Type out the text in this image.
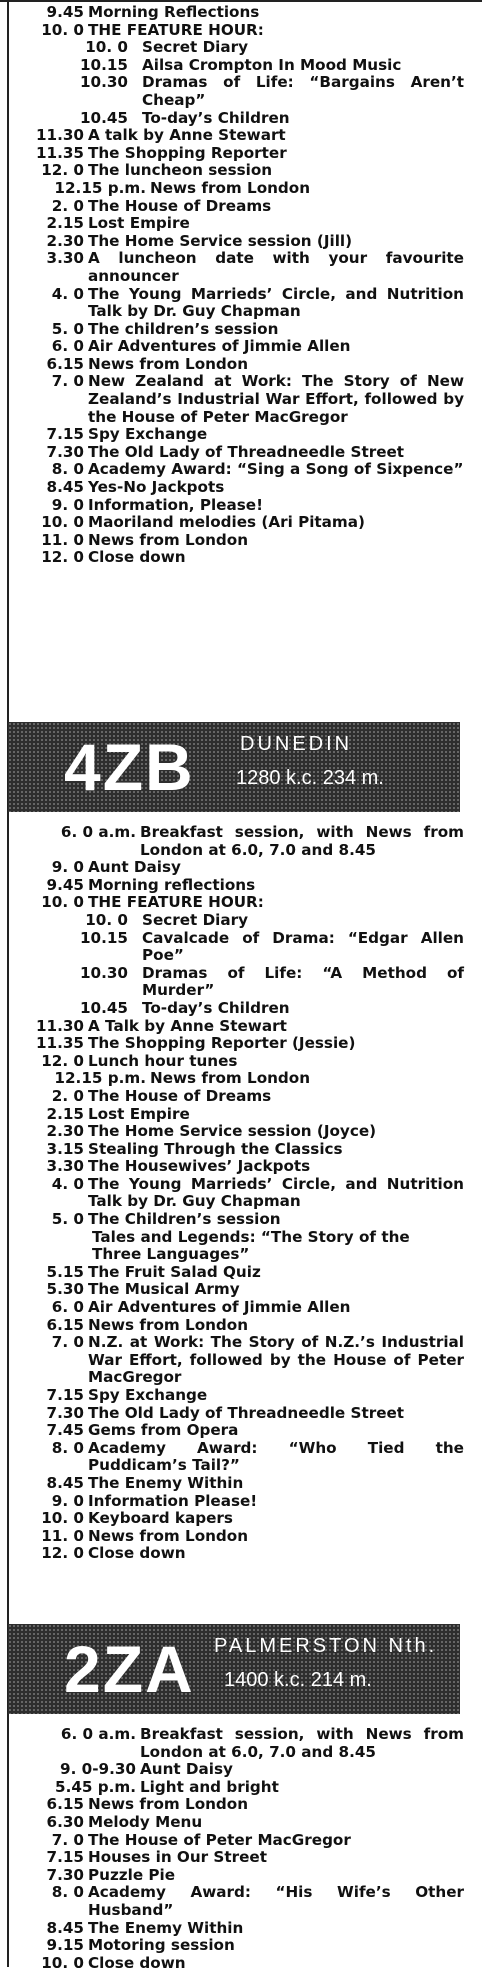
9.45 Morning Reflections
10. 0 THE FEATURE HOUR:
10. 0 Secret Diary
10.15 Ailsa Crompton In Mood Music
10.30 Dramas of Life: “Bargains Aren’t Cheap”
10.45 To-day’s Children
11.30 A talk by Anne Stewart
11.35 The Shopping Reporter
12. 0 The luncheon session
12.15 p.m. News from London
2. 0 The House of Dreams
2.15 Lost Empire
2.30 The Home Service session (Jill)
3.30 A luncheon date with your favourite announcer
4. 0 The Young Marrieds’ Circle, and Nutrition Talk by Dr. Guy Chapman
5. 0 The children’s session
6. 0 Air Adventures of Jimmie Allen
6.15 News from London
7. 0 New Zealand at Work: The Story of New Zealand’s Industrial War Effort, followed by the House of Peter MacGregor
7.15 Spy Exchange
7.30 The Old Lady of Threadneedle Street
8. 0 Academy Award: “Sing a Song of Sixpence”
8.45 Yes-No Jackpots
9. 0 Information, Please!
10. 0 Maoriland melodies (Ari Pitama)
11. 0 News from London
12. 0 Close down
4ZB DUNEDIN
1280 k.c. 234 m.
6. 0 a.m. Breakfast session, with News from London at 6.0, 7.0 and 8.45
9. 0 Aunt Daisy
9.45 Morning reflections
10. 0 THE FEATURE HOUR:
10. 0 Secret Diary
10.15 Cavalcade of Drama: “Edgar Allen Poe”
10.30 Dramas of Life: “A Method of Murder”
10.45 To-day’s Children
11.30 A Talk by Anne Stewart
11.35 The Shopping Reporter (Jessie)
12. 0 Lunch hour tunes
12.15 p.m. News from London
2. 0 The House of Dreams
2.15 Lost Empire
2.30 The Home Service session (Joyce)
3.15 Stealing Through the Classics
3.30 The Housewives’ Jackpots
4. 0 The Young Marrieds’ Circle, and Nutrition Talk by Dr. Guy Chapman
5. 0 The Children’s session
Tales and Legends: “The Story of the Three Languages”
5.15 The Fruit Salad Quiz
5.30 The Musical Army
6. 0 Air Adventures of Jimmie Allen
6.15 News from London
7. 0 N.Z. at Work: The Story of N.Z.’s Industrial War Effort, followed by the House of Peter MacGregor
7.15 Spy Exchange
7.30 The Old Lady of Threadneedle Street
7.45 Gems from Opera
8. 0 Academy Award: “Who Tied the Puddicam’s Tail?”
8.45 The Enemy Within
9. 0 Information Please!
10. 0 Keyboard kapers
11. 0 News from London
12. 0 Close down
2ZA PALMERSTON Nth.
1400 k.c. 214 m.
6. 0 a.m. Breakfast session, with News from London at 6.0, 7.0 and 8.45
9. 0-9.30 Aunt Daisy
5.45 p.m. Light and bright
6.15 News from London
6.30 Melody Menu
7. 0 The House of Peter MacGregor
7.15 Houses in Our Street
7.30 Puzzle Pie
8. 0 Academy Award: “His Wife’s Other Husband”
8.45 The Enemy Within
9.15 Motoring session
10. 0 Close down
